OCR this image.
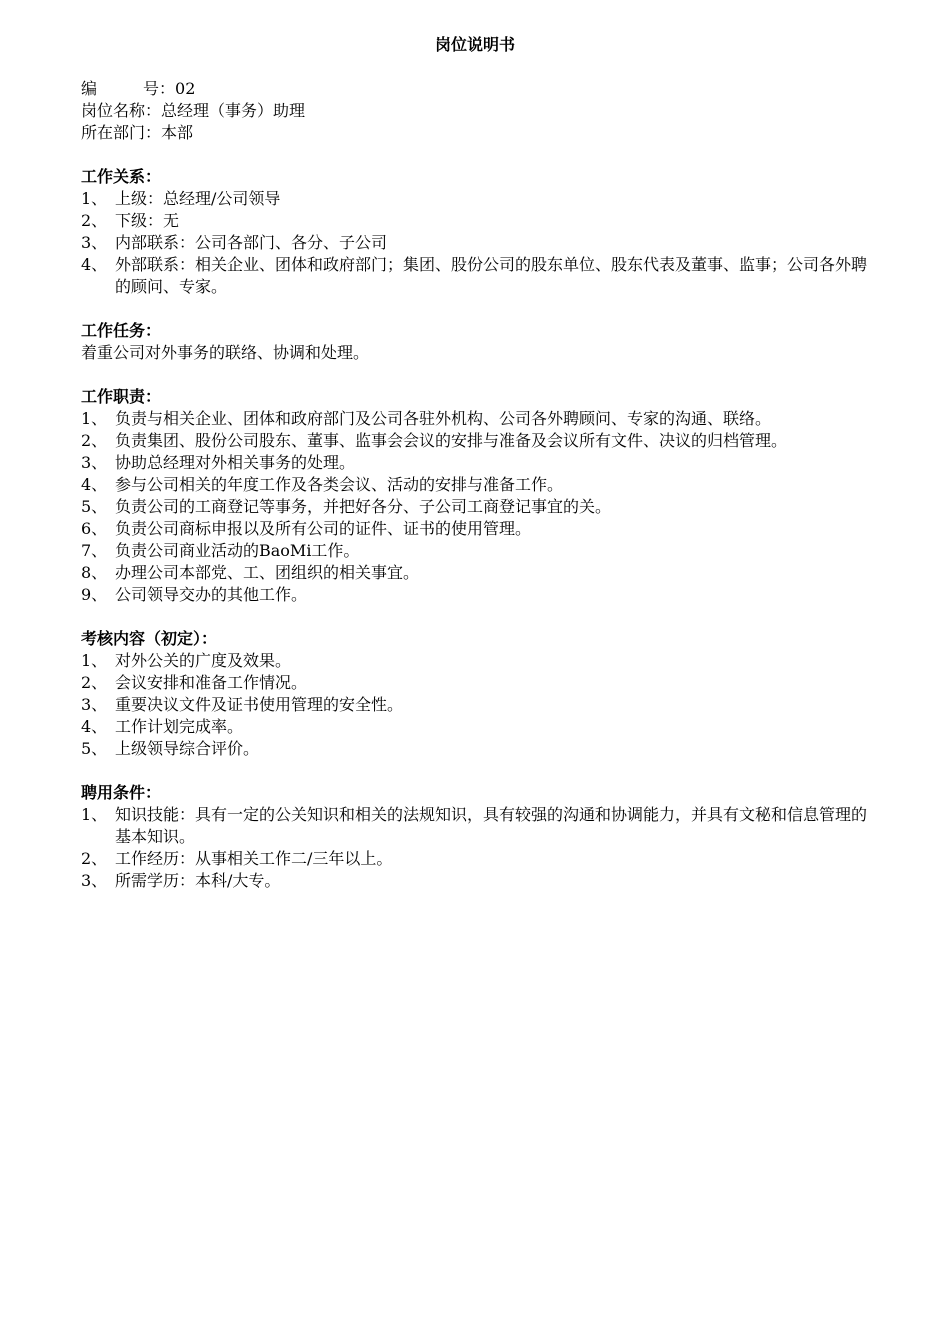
岗位说明书
编	号：02
岗位名称：总经理（事务）助理
所在部门：本部
工作关系：
1、 上级：总经理/公司领导
2、 下级：无
3、 内部联系：公司各部门、各分、子公司
4、 外部联系：相关企业、团体和政府部门；集团、股份公司的股东单位、股东代表及董事、监事；公司各外聘的顾问、专家。
工作任务：
着重公司对外事务的联络、协调和处理。
工作职责：
1、 负责与相关企业、团体和政府部门及公司各驻外机构、公司各外聘顾问、专家的沟通、联络。
2、 负责集团、股份公司股东、董事、监事会会议的安排与准备及会议所有文件、决议的归档管理。
3、 协助总经理对外相关事务的处理。
4、 参与公司相关的年度工作及各类会议、活动的安排与准备工作。
5、 负责公司的工商登记等事务，并把好各分、子公司工商登记事宜的关。
6、 负责公司商标申报以及所有公司的证件、证书的使用管理。
7、 负责公司商业活动的BaoMi工作。
8、 办理公司本部党、工、团组织的相关事宜。
9、 公司领导交办的其他工作。
考核内容（初定）：
1、 对外公关的广度及效果。
2、 会议安排和准备工作情况。
3、 重要决议文件及证书使用管理的安全性。
4、 工作计划完成率。
5、 上级领导综合评价。
聘用条件：
1、 知识技能：具有一定的公关知识和相关的法规知识，具有较强的沟通和协调能力，并具有文秘和信息管理的基本知识。
2、 工作经历：从事相关工作二/三年以上。
3、 所需学历：本科/大专。
